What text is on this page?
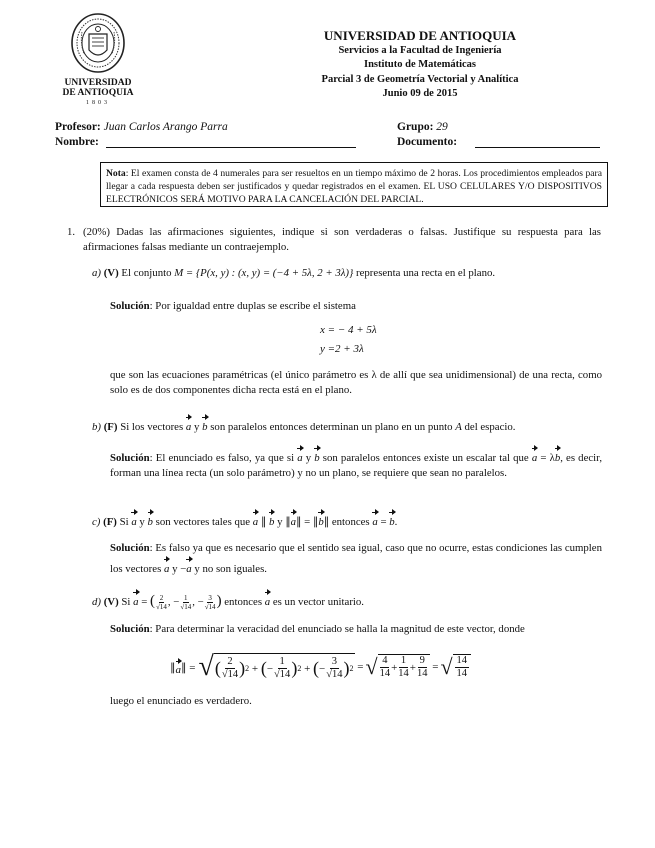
UNIVERSIDAD
DE ANTIOQUIA
1803
UNIVERSIDAD DE ANTIOQUIA
Servicios a la Facultad de Ingeniería
Instituto de Matemáticas
Parcial 3 de Geometría Vectorial y Analítica
Junio 09 de 2015
Profesor: Juan Carlos Arango Parra	Grupo: 29
Nombre:	Documento:
Nota: El examen consta de 4 numerales para ser resueltos en un tiempo máximo de 2 horas. Los procedimientos empleados para llegar a cada respuesta deben ser justificados y quedar registrados en el examen. EL USO CELULARES Y/O DISPOSITIVOS ELECTRÓNICOS SERÁ MOTIVO PARA LA CANCELACIÓN DEL PARCIAL.
1. (20%) Dadas las afirmaciones siguientes, indique si son verdaderas o falsas. Justifique su respuesta para las afirmaciones falsas mediante un contraejemplo.
a) (V) El conjunto M = {P(x, y) : (x, y) = (−4 + 5λ, 2 + 3λ)} representa una recta en el plano.
Solución: Por igualdad entre duplas se escribe el sistema
x = − 4 + 5λ
y =2 + 3λ
que son las ecuaciones paramétricas (el único parámetro es λ de allí que sea unidimensional) de una recta, como solo es de dos componentes dicha recta está en el plano.
b) (F) Si los vectores a y b son paralelos entonces determinan un plano en un punto A del espacio.
Solución: El enunciado es falso, ya que si a y b son paralelos entonces existe un escalar tal que a = λb, es decir, forman una línea recta (un solo parámetro) y no un plano, se requiere que sean no paralelos.
c) (F) Si a y b son vectores tales que a ∥ b y ∥a∥ = ∥b∥ entonces a = b.
Solución: Es falso ya que es necesario que el sentido sea igual, caso que no ocurre, estas condiciones las cumplen los vectores a y −a y no son iguales.
d) (V) Si a = ( $\frac{2}{√14}$ , − $\frac{1}{√14}$ , − $\frac{3}{√14}$ ) entonces a es un vector unitario.
Solución: Para determinar la veracidad del enunciado se halla la magnitud de este vector, donde
∥ a ∥ = √ ( 2
√14 ) 2 + ( −
1
√14 ) 2 + ( −
3
√14 ) 2 = √ 4
14 +
1
14 +
9
14
= √ 14
14
luego el enunciado es verdadero.
